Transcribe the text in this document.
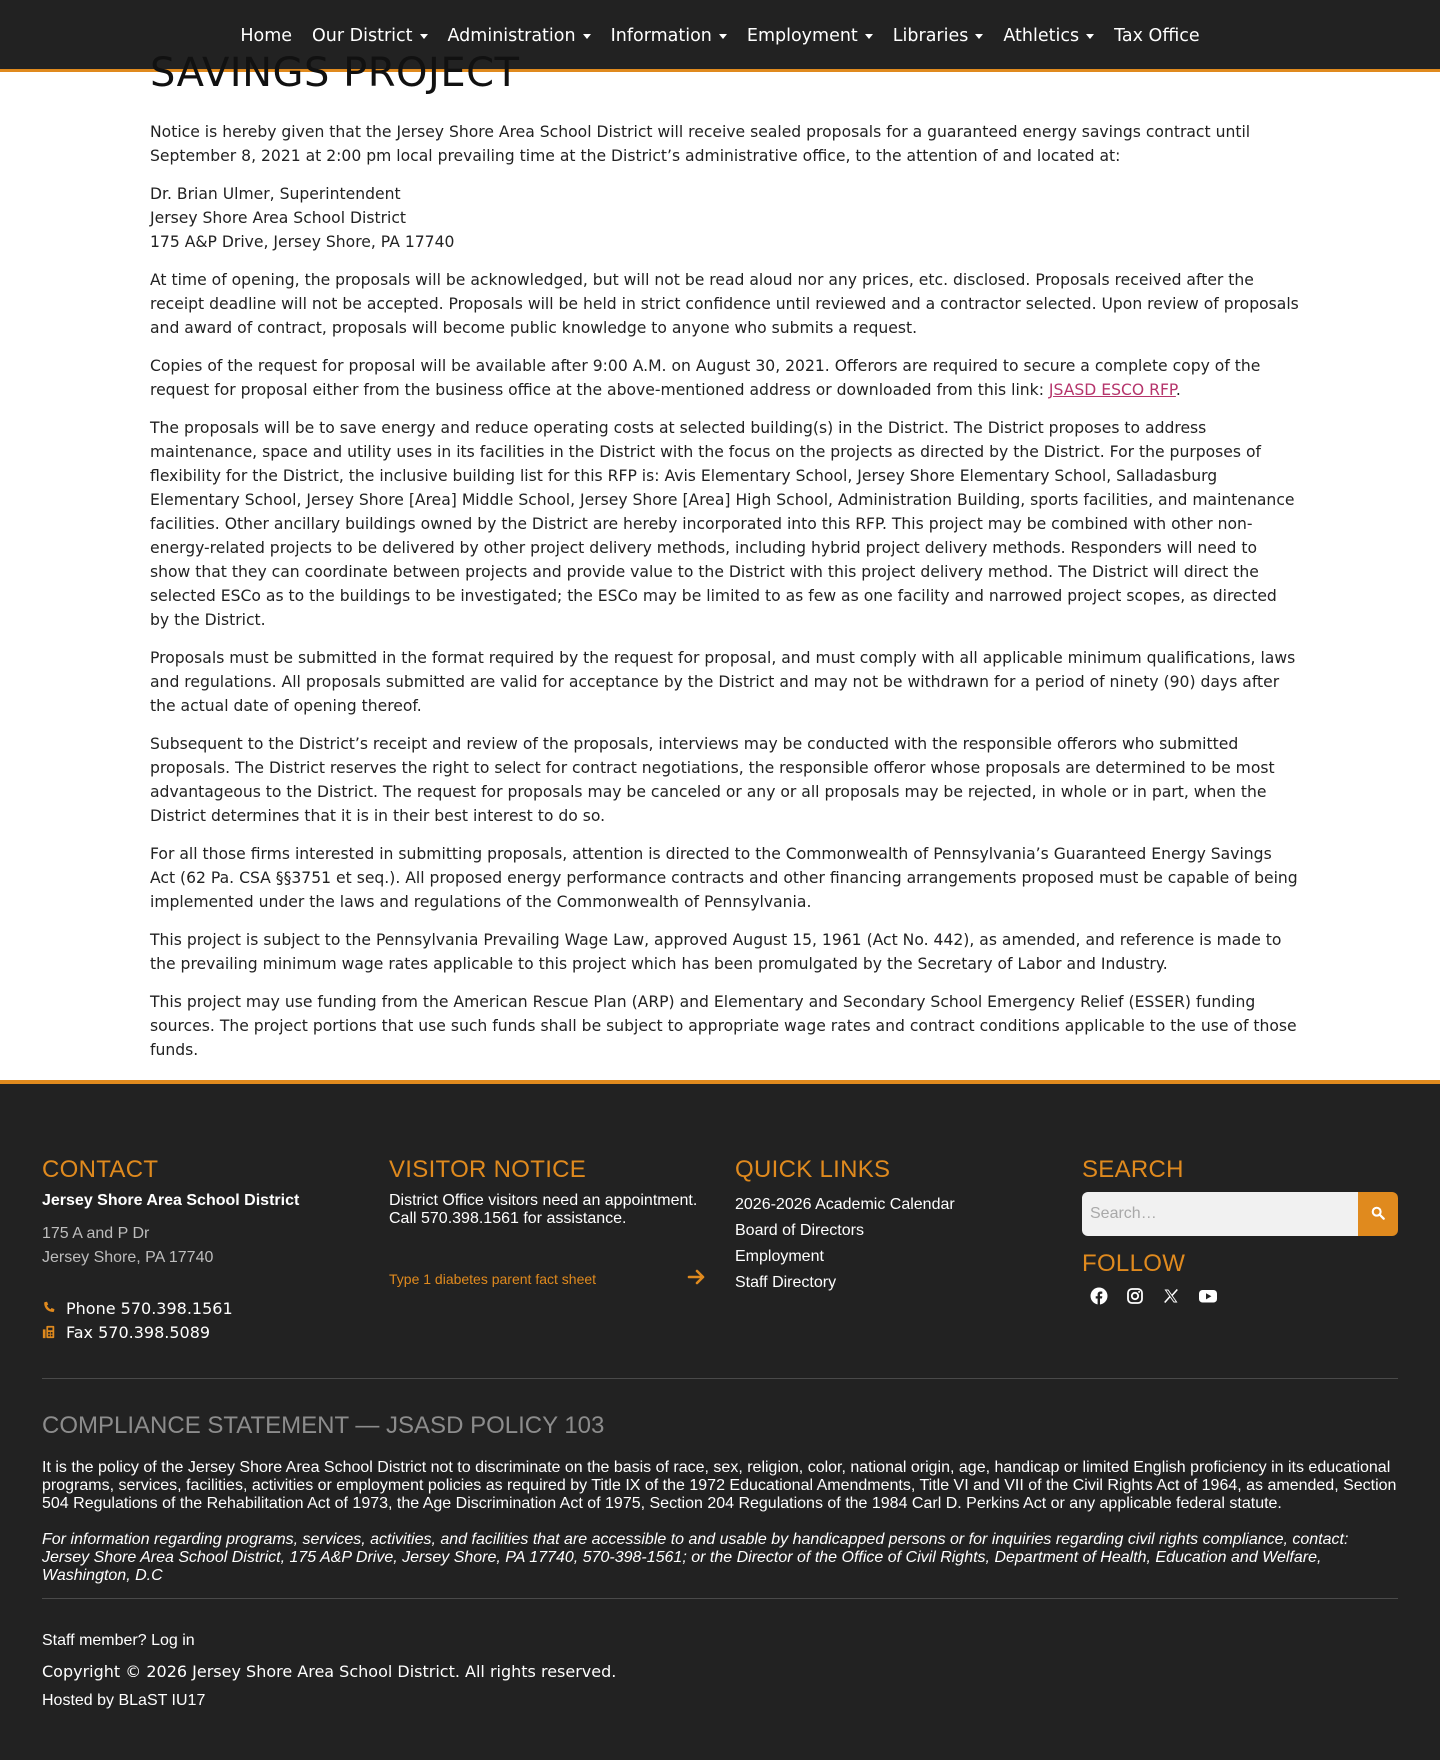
Home Our District Administration Information Employment Libraries Athletics Tax Office
SAVINGS PROJECT

Notice is hereby given that the Jersey Shore Area School District will receive sealed proposals for a guaranteed energy savings contract until September 8, 2021 at 2:00 pm local prevailing time at the District’s administrative office, to the attention of and located at:

Dr. Brian Ulmer, Superintendent
Jersey Shore Area School District
175 A&P Drive, Jersey Shore, PA 17740

At time of opening, the proposals will be acknowledged, but will not be read aloud nor any prices, etc. disclosed. Proposals received after the receipt deadline will not be accepted. Proposals will be held in strict confidence until reviewed and a contractor selected. Upon review of proposals and award of contract, proposals will become public knowledge to anyone who submits a request.

Copies of the request for proposal will be available after 9:00 A.M. on August 30, 2021. Offerors are required to secure a complete copy of the request for proposal either from the business office at the above-mentioned address or downloaded from this link: JSASD ESCO RFP.

The proposals will be to save energy and reduce operating costs at selected building(s) in the District. The District proposes to address maintenance, space and utility uses in its facilities in the District with the focus on the projects as directed by the District. For the purposes of flexibility for the District, the inclusive building list for this RFP is: Avis Elementary School, Jersey Shore Elementary School, Salladasburg Elementary School, Jersey Shore [Area] Middle School, Jersey Shore [Area] High School, Administration Building, sports facilities, and maintenance facilities. Other ancillary buildings owned by the District are hereby incorporated into this RFP. This project may be combined with other non-energy-related projects to be delivered by other project delivery methods, including hybrid project delivery methods. Responders will need to show that they can coordinate between projects and provide value to the District with this project delivery method. The District will direct the selected ESCo as to the buildings to be investigated; the ESCo may be limited to as few as one facility and narrowed project scopes, as directed by the District.

Proposals must be submitted in the format required by the request for proposal, and must comply with all applicable minimum qualifications, laws and regulations. All proposals submitted are valid for acceptance by the District and may not be withdrawn for a period of ninety (90) days after the actual date of opening thereof.

Subsequent to the District’s receipt and review of the proposals, interviews may be conducted with the responsible offerors who submitted proposals. The District reserves the right to select for contract negotiations, the responsible offeror whose proposals are determined to be most advantageous to the District. The request for proposals may be canceled or any or all proposals may be rejected, in whole or in part, when the District determines that it is in their best interest to do so.

For all those firms interested in submitting proposals, attention is directed to the Commonwealth of Pennsylvania’s Guaranteed Energy Savings Act (62 Pa. CSA §§3751 et seq.). All proposed energy performance contracts and other financing arrangements proposed must be capable of being implemented under the laws and regulations of the Commonwealth of Pennsylvania.

This project is subject to the Pennsylvania Prevailing Wage Law, approved August 15, 1961 (Act No. 442), as amended, and reference is made to the prevailing minimum wage rates applicable to this project which has been promulgated by the Secretary of Labor and Industry.

This project may use funding from the American Rescue Plan (ARP) and Elementary and Secondary School Emergency Relief (ESSER) funding sources. The project portions that use such funds shall be subject to appropriate wage rates and contract conditions applicable to the use of those funds.

CONTACT
Jersey Shore Area School District
175 A and P Dr
Jersey Shore, PA 17740
Phone 570.398.1561
Fax 570.398.5089
VISITOR NOTICE
District Office visitors need an appointment.
Call 570.398.1561 for assistance.
Type 1 diabetes parent fact sheet
QUICK LINKS
2026-2026 Academic Calendar
Board of Directors
Employment
Staff Directory
SEARCH
Search…
FOLLOW
COMPLIANCE STATEMENT — JSASD POLICY 103
It is the policy of the Jersey Shore Area School District not to discriminate on the basis of race, sex, religion, color, national origin, age, handicap or limited English proficiency in its educational programs, services, facilities, activities or employment policies as required by Title IX of the 1972 Educational Amendments, Title VI and VII of the Civil Rights Act of 1964, as amended, Section 504 Regulations of the Rehabilitation Act of 1973, the Age Discrimination Act of 1975, Section 204 Regulations of the 1984 Carl D. Perkins Act or any applicable federal statute.
For information regarding programs, services, activities, and facilities that are accessible to and usable by handicapped persons or for inquiries regarding civil rights compliance, contact: Jersey Shore Area School District, 175 A&P Drive, Jersey Shore, PA 17740, 570-398-1561; or the Director of the Office of Civil Rights, Department of Health, Education and Welfare, Washington, D.C
Staff member? Log in
Copyright © 2026 Jersey Shore Area School District. All rights reserved.
Hosted by BLaST IU17
